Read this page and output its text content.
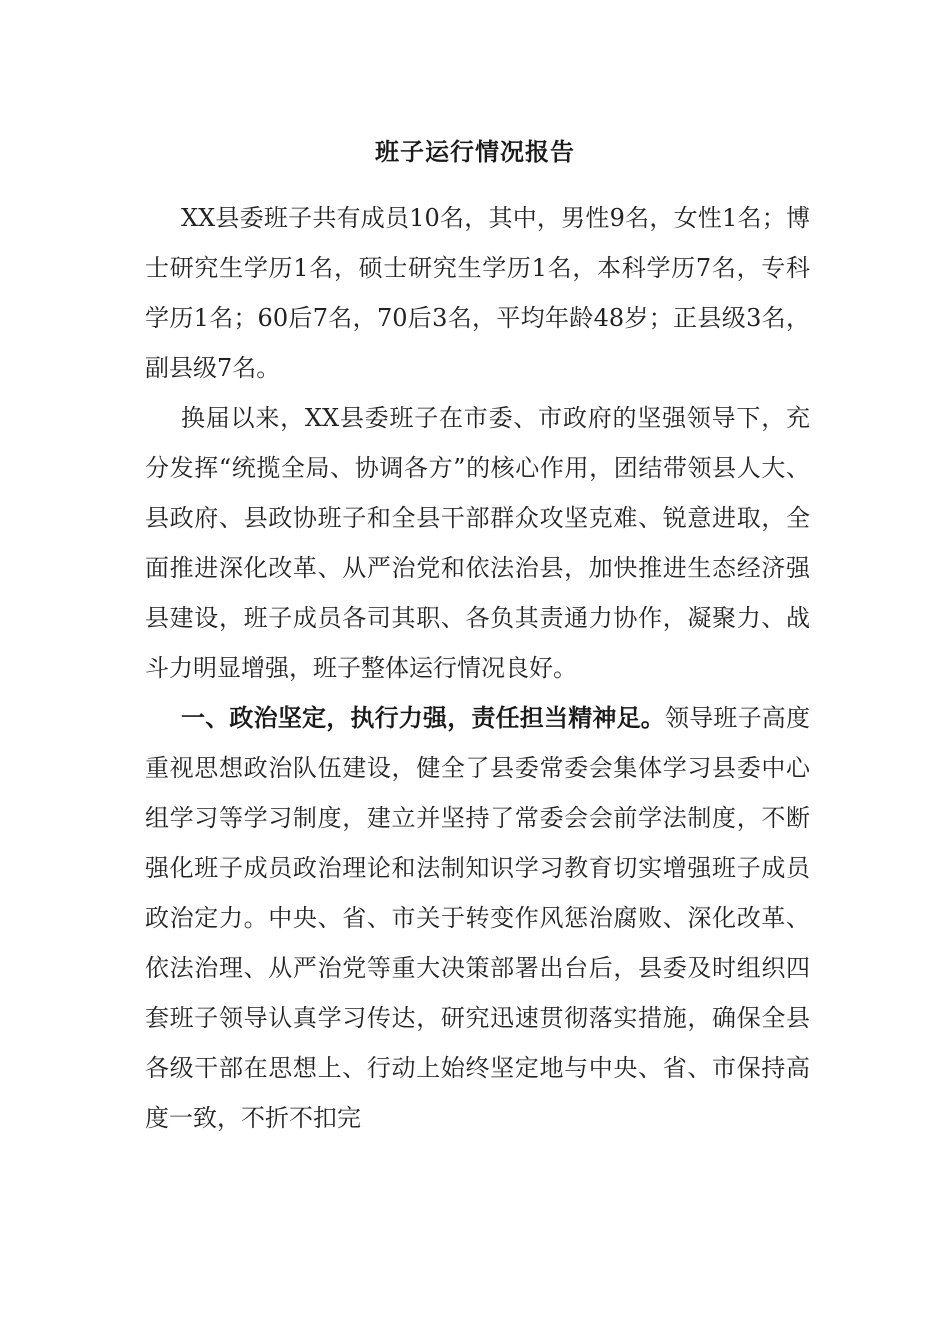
班子运行情况报告

XX县委班子共有成员10名，其中，男性9名，女性1名；博士研究生学历1名，硕士研究生学历1名，本科学历7名，专科学历1名；60后7名，70后3名，平均年龄48岁；正县级3名，副县级7名。

换届以来，XX县委班子在市委、市政府的坚强领导下，充分发挥“统揽全局、协调各方”的核心作用，团结带领县人大、县政府、县政协班子和全县干部群众攻坚克难、锐意进取，全面推进深化改革、从严治党和依法治县，加快推进生态经济强县建设，班子成员各司其职、各负其责通力协作，凝聚力、战斗力明显增强，班子整体运行情况良好。

一、政治坚定，执行力强，责任担当精神足。领导班子高度重视思想政治队伍建设，健全了县委常委会集体学习县委中心组学习等学习制度，建立并坚持了常委会会前学法制度，不断强化班子成员政治理论和法制知识学习教育切实增强班子成员政治定力。中央、省、市关于转变作风惩治腐败、深化改革、依法治理、从严治党等重大决策部署出台后，县委及时组织四套班子领导认真学习传达，研究迅速贯彻落实措施，确保全县各级干部在思想上、行动上始终坚定地与中央、省、市保持高度一致，不折不扣完
